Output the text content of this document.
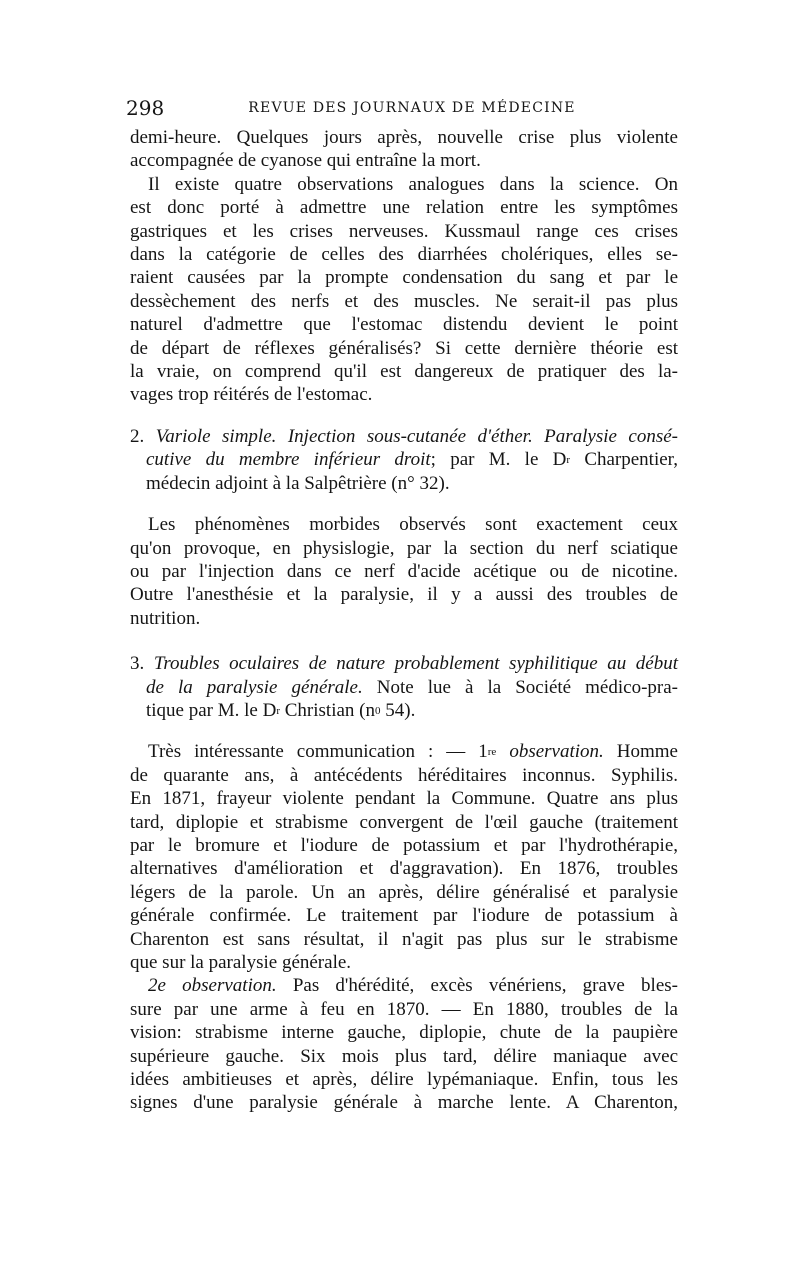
298	REVUE DES JOURNAUX DE MÉDECINE
demi-heure. Quelques jours après, nouvelle crise plus violente
accompagnée de cyanose qui entraîne la mort.
Il existe quatre observations analogues dans la science. On
est donc porté à admettre une relation entre les symptômes
gastriques et les crises nerveuses. Kussmaul range ces crises
dans la catégorie de celles des diarrhées cholériques, elles se-
raient causées par la prompte condensation du sang et par le
dessèchement des nerfs et des muscles. Ne serait-il pas plus
naturel d'admettre que l'estomac distendu devient le point
de départ de réflexes généralisés? Si cette dernière théorie est
la vraie, on comprend qu'il est dangereux de pratiquer des la-
vages trop réitérés de l'estomac.
2. Variole simple. Injection sous-cutanée d'éther. Paralysie consé-
cutive du membre inférieur droit; par M. le $D^r$ Charpentier,
médecin adjoint à la Salpêtrière (n° 32).
Les phénomènes morbides observés sont exactement ceux
qu'on provoque, en physislogie, par la section du nerf sciatique
ou par l'injection dans ce nerf d'acide acétique ou de nicotine.
Outre l'anesthésie et la paralysie, il y a aussi des troubles de
nutrition.
3. Troubles oculaires de nature probablement syphilitique au début
de la paralysie générale. Note lue à la Société médico-pra-
tique par M. le $D^r$ Christian ($n^0$ 54).
Très intéressante communication : — 1re observation. Homme
de quarante ans, à antécédents héréditaires inconnus. Syphilis.
En 1871, frayeur violente pendant la Commune. Quatre ans plus
tard, diplopie et strabisme convergent de l'œil gauche (traitement
par le bromure et l'iodure de potassium et par l'hydrothérapie,
alternatives d'amélioration et d'aggravation). En 1876, troubles
légers de la parole. Un an après, délire généralisé et paralysie
générale confirmée. Le traitement par l'iodure de potassium à
Charenton est sans résultat, il n'agit pas plus sur le strabisme
que sur la paralysie générale.
2e observation. Pas d'hérédité, excès vénériens, grave bles-
sure par une arme à feu en 1870. — En 1880, troubles de la
vision: strabisme interne gauche, diplopie, chute de la paupière
supérieure gauche. Six mois plus tard, délire maniaque avec
idées ambitieuses et après, délire lypémaniaque. Enfin, tous les
signes d'une paralysie générale à marche lente. A Charenton,
